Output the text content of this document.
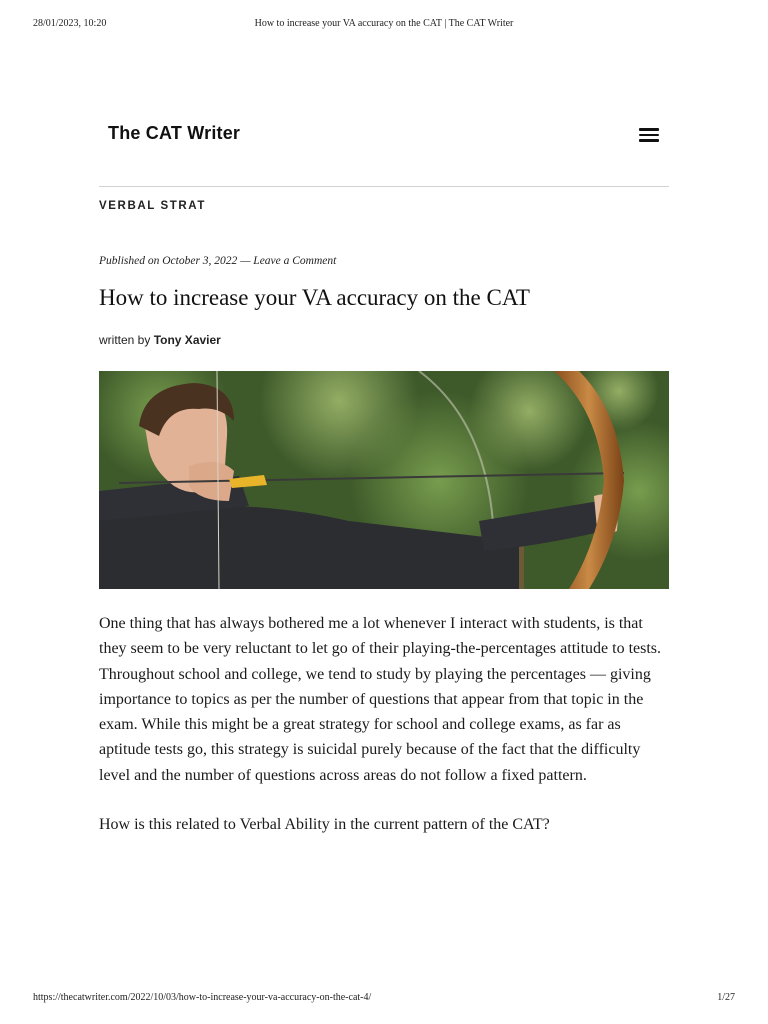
28/01/2023, 10:20	How to increase your VA accuracy on the CAT | The CAT Writer
The CAT Writer
VERBAL STRAT
Published on October 3, 2022 — Leave a Comment
How to increase your VA accuracy on the CAT
written by Tony Xavier

One thing that has always bothered me a lot whenever I interact with students, is that they seem to be very reluctant to let go of their playing-the-percentages attitude to tests. Throughout school and college, we tend to study by playing the percentages — giving importance to topics as per the number of questions that appear from that topic in the exam. While this might be a great strategy for school and college exams, as far as aptitude tests go, this strategy is suicidal purely because of the fact that the difficulty level and the number of questions across areas do not follow a fixed pattern.

How is this related to Verbal Ability in the current pattern of the CAT?

https://thecatwriter.com/2022/10/03/how-to-increase-your-va-accuracy-on-the-cat-4/	1/27
